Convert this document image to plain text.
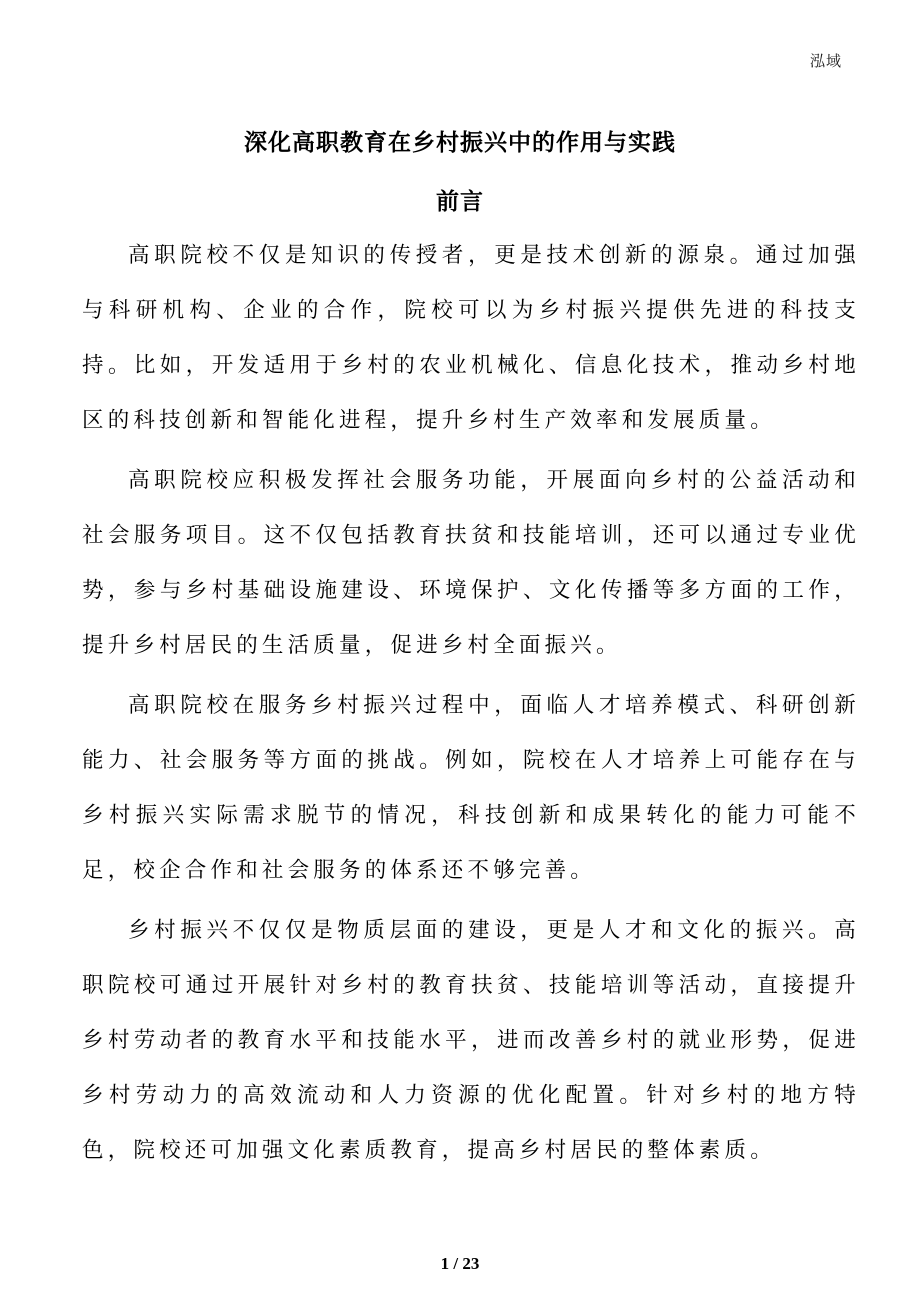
泓域
深化高职教育在乡村振兴中的作用与实践
前言

高职院校不仅是知识的传授者，更是技术创新的源泉。通过加强与科研机构、企业的合作，院校可以为乡村振兴提供先进的科技支持。比如，开发适用于乡村的农业机械化、信息化技术，推动乡村地区的科技创新和智能化进程，提升乡村生产效率和发展质量。

高职院校应积极发挥社会服务功能，开展面向乡村的公益活动和社会服务项目。这不仅包括教育扶贫和技能培训，还可以通过专业优势，参与乡村基础设施建设、环境保护、文化传播等多方面的工作，提升乡村居民的生活质量，促进乡村全面振兴。

高职院校在服务乡村振兴过程中，面临人才培养模式、科研创新能力、社会服务等方面的挑战。例如，院校在人才培养上可能存在与乡村振兴实际需求脱节的情况，科技创新和成果转化的能力可能不足，校企合作和社会服务的体系还不够完善。

乡村振兴不仅仅是物质层面的建设，更是人才和文化的振兴。高职院校可通过开展针对乡村的教育扶贫、技能培训等活动，直接提升乡村劳动者的教育水平和技能水平，进而改善乡村的就业形势，促进乡村劳动力的高效流动和人力资源的优化配置。针对乡村的地方特色，院校还可加强文化素质教育，提高乡村居民的整体素质。

1 / 23
